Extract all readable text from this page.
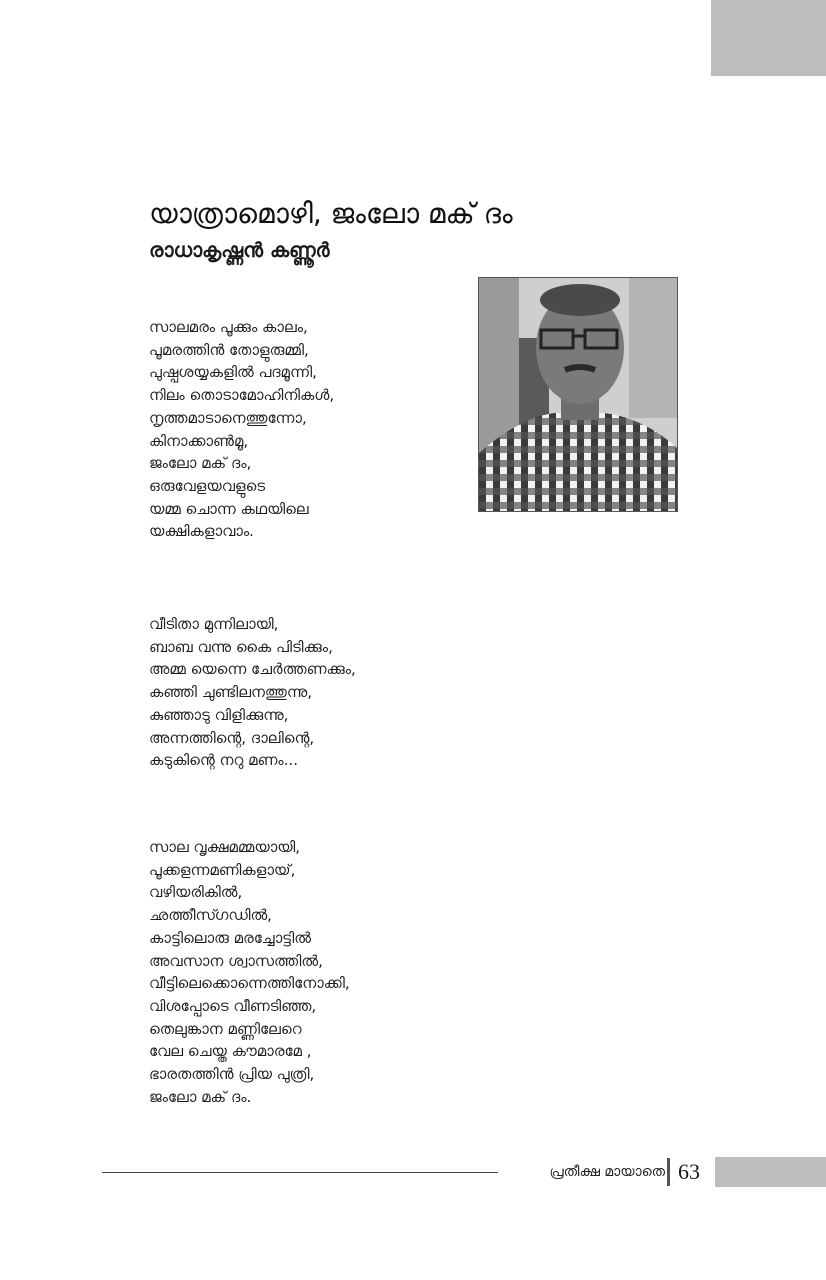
യാത്രാമൊഴി, ജംലോ മക് ദം
രാധാകൃഷ്ണൻ കണ്ണൂർ
സാലമരം പൂക്കും കാലം,
പൂമരത്തിൻ തോളുരുമ്മി,
പുഷ്പശയ്യകളിൽ പദമൂന്നി,
നിലം തൊടാമോഹിനികൾ,
നൃത്തമാടാനെത്തുന്നോ,
കിനാക്കാൺമൂ,
ജംലോ മക് ദം,
ഒരുവേളയവളുടെ
യമ്മ ചൊന്ന കഥയിലെ
യക്ഷികളാവാം.
വീടിതാ മുന്നിലായി,
ബാബ വന്നു കൈ പിടിക്കും,
അമ്മ യെന്നെ ചേർത്തണക്കും,
കഞ്ഞി ചുണ്ടിലനത്തുന്നു,
കുഞ്ഞാടു വിളിക്കുന്നു,
അന്നത്തിന്റെ, ദാലിന്റെ,
കടുകിന്റെ നറു മണം...
സാല വൃക്ഷമമ്മയായി,
പൂക്കളന്നമണികളായ്,
വഴിയരികിൽ,
ഛത്തീസ്ഗഡിൽ,
കാട്ടിലൊരു മരച്ചോട്ടിൽ
അവസാന ശ്വാസത്തിൽ,
വീട്ടിലെക്കൊന്നെത്തിനോക്കി,
വിശപ്പോടെ വീണടിഞ്ഞ,
തെലുങ്കാന മണ്ണിലേറെ
വേല ചെയ്ത കൗമാരമേ ,
ഭാരതത്തിൻ പ്രിയ പുത്രി,
ജംലോ മക് ദം.
പ്രതീക്ഷ മായാതെ 63
